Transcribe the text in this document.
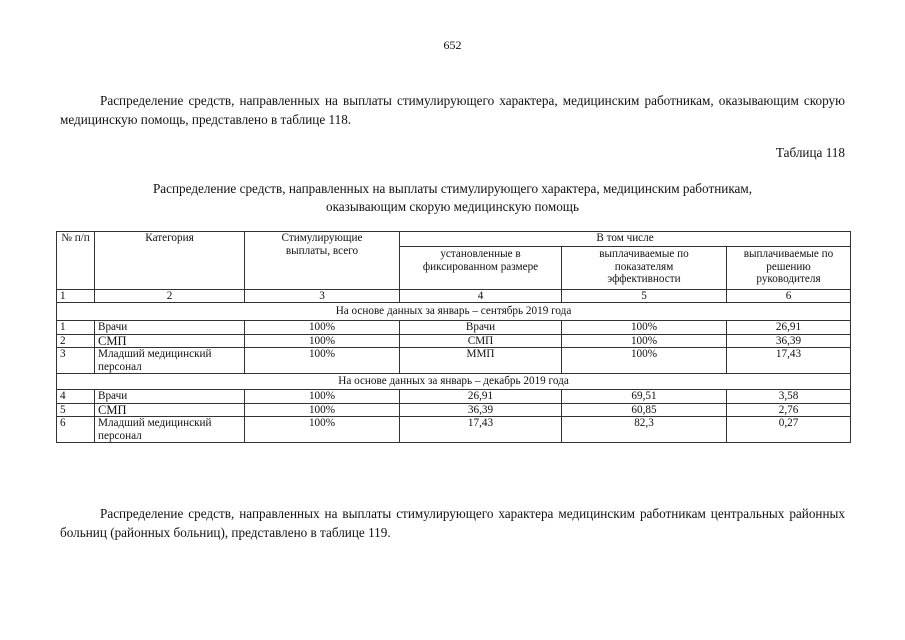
652

Распределение средств, направленных на выплаты стимулирующего характера, медицинским работникам, оказывающим скорую медицинскую помощь, представлено в таблице 118.

Таблица 118

Распределение средств, направленных на выплаты стимулирующего характера, медицинским работникам,
оказывающим скорую медицинскую помощь

№ п/п	Категория	Стимулирующие выплаты, всего	В том числе		
			установленные в фиксированном размере	выплачиваемые по показателям эффективности	выплачиваемые по решению руководителя
1	2	3	4	5	6
На основе данных за январь – сентябрь 2019 года					
1	Врачи	100%	Врачи	100%	26,91
2	СМП	100%	СМП	100%	36,39
3	Младший медицинский персонал	100%	ММП	100%	17,43
На основе данных за январь – декабрь 2019 года					
4	Врачи	100%	26,91	69,51	3,58
5	СМП	100%	36,39	60,85	2,76
6	Младший медицинский персонал	100%	17,43	82,3	0,27

Распределение средств, направленных на выплаты стимулирующего характера медицинским работникам центральных районных больниц (районных больниц), представлено в таблице 119.
